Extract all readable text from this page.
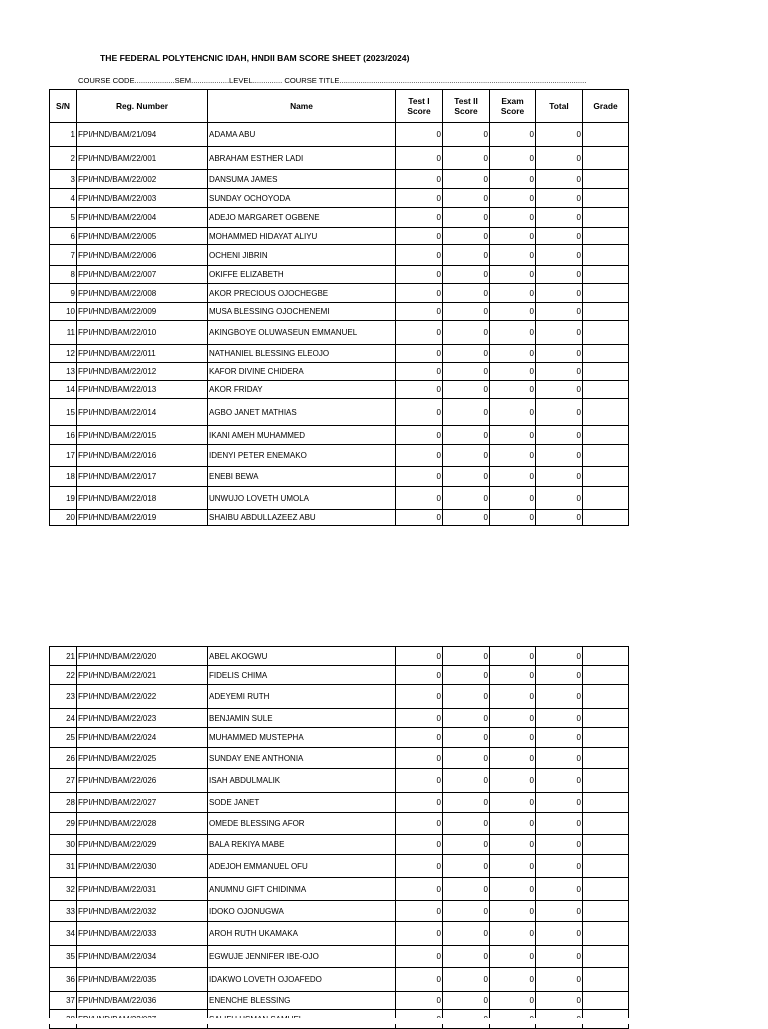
THE FEDERAL POLYTEHCNIC IDAH, HNDII BAM SCORE SHEET (2023/2024)
COURSE CODE...................SEM..................LEVEL.............. COURSE TITLE.....................................................................................................................
S/N	Reg. Number	Name	Test I Score	Test II Score	Exam Score	Total	Grade
1	FPI/HND/BAM/21/094	ADAMA ABU	0	0	0	0	
2	FPI/HND/BAM/22/001	ABRAHAM ESTHER LADI	0	0	0	0	
3	FPI/HND/BAM/22/002	DANSUMA JAMES	0	0	0	0	
4	FPI/HND/BAM/22/003	SUNDAY OCHOYODA	0	0	0	0	
5	FPI/HND/BAM/22/004	ADEJO MARGARET OGBENE	0	0	0	0	
6	FPI/HND/BAM/22/005	MOHAMMED HIDAYAT ALIYU	0	0	0	0	
7	FPI/HND/BAM/22/006	OCHENI JIBRIN	0	0	0	0	
8	FPI/HND/BAM/22/007	OKIFFE ELIZABETH	0	0	0	0	
9	FPI/HND/BAM/22/008	AKOR PRECIOUS OJOCHEGBE	0	0	0	0	
10	FPI/HND/BAM/22/009	MUSA BLESSING OJOCHENEMI	0	0	0	0	
11	FPI/HND/BAM/22/010	AKINGBOYE OLUWASEUN EMMANUEL	0	0	0	0	
12	FPI/HND/BAM/22/011	NATHANIEL BLESSING ELEOJO	0	0	0	0	
13	FPI/HND/BAM/22/012	KAFOR DIVINE CHIDERA	0	0	0	0	
14	FPI/HND/BAM/22/013	AKOR FRIDAY	0	0	0	0	
15	FPI/HND/BAM/22/014	AGBO JANET MATHIAS	0	0	0	0	
16	FPI/HND/BAM/22/015	IKANI AMEH MUHAMMED	0	0	0	0	
17	FPI/HND/BAM/22/016	IDENYI PETER ENEMAKO	0	0	0	0	
18	FPI/HND/BAM/22/017	ENEBI BEWA	0	0	0	0	
19	FPI/HND/BAM/22/018	UNWUJO LOVETH UMOLA	0	0	0	0	
20	FPI/HND/BAM/22/019	SHAIBU ABDULLAZEEZ ABU	0	0	0	0	
21	FPI/HND/BAM/22/020	ABEL AKOGWU	0	0	0	0	
22	FPI/HND/BAM/22/021	FIDELIS CHIMA	0	0	0	0	
23	FPI/HND/BAM/22/022	ADEYEMI RUTH	0	0	0	0	
24	FPI/HND/BAM/22/023	BENJAMIN SULE	0	0	0	0	
25	FPI/HND/BAM/22/024	MUHAMMED MUSTEPHA	0	0	0	0	
26	FPI/HND/BAM/22/025	SUNDAY ENE ANTHONIA	0	0	0	0	
27	FPI/HND/BAM/22/026	ISAH ABDULMALIK	0	0	0	0	
28	FPI/HND/BAM/22/027	SODE JANET	0	0	0	0	
29	FPI/HND/BAM/22/028	OMEDE BLESSING AFOR	0	0	0	0	
30	FPI/HND/BAM/22/029	BALA REKIYA MABE	0	0	0	0	
31	FPI/HND/BAM/22/030	ADEJOH EMMANUEL OFU	0	0	0	0	
32	FPI/HND/BAM/22/031	ANUMNU GIFT CHIDINMA	0	0	0	0	
33	FPI/HND/BAM/22/032	IDOKO OJONUGWA	0	0	0	0	
34	FPI/HND/BAM/22/033	AROH RUTH UKAMAKA	0	0	0	0	
35	FPI/HND/BAM/22/034	EGWUJE JENNIFER IBE-OJO	0	0	0	0	
36	FPI/HND/BAM/22/035	IDAKWO LOVETH OJOAFEDO	0	0	0	0	
37	FPI/HND/BAM/22/036	ENENCHE BLESSING	0	0	0	0	
